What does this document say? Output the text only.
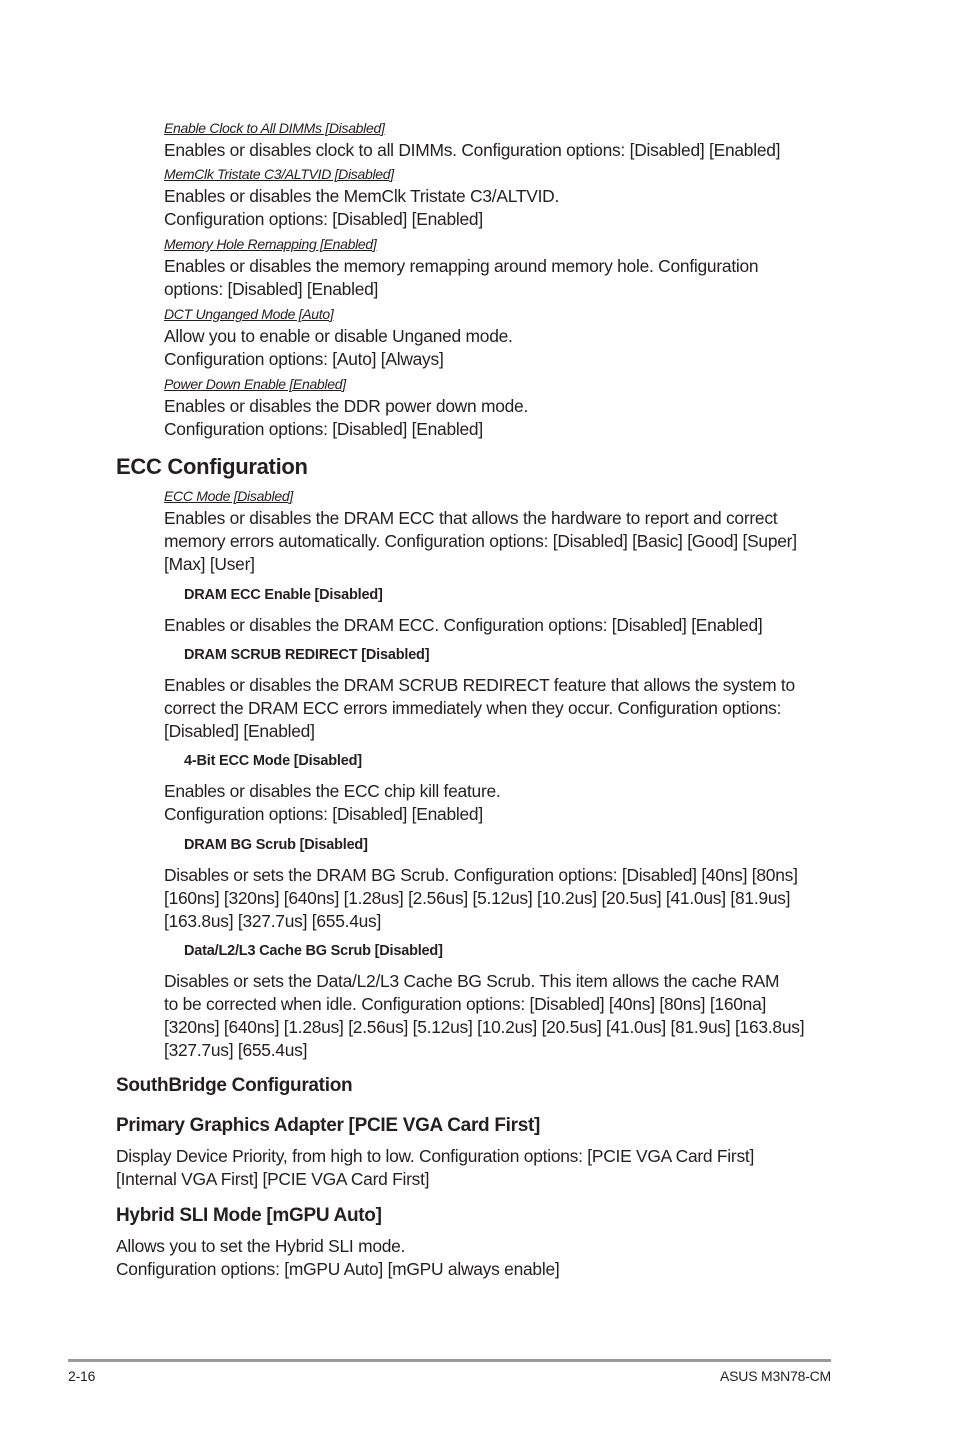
Enable Clock to All DIMMs [Disabled]
Enables or disables clock to all DIMMs. Configuration options: [Disabled] [Enabled]
MemClk Tristate C3/ALTVID [Disabled]
Enables or disables the MemClk Tristate C3/ALTVID.
Configuration options: [Disabled] [Enabled]
Memory Hole Remapping [Enabled]
Enables or disables the memory remapping around memory hole. Configuration
options: [Disabled] [Enabled]
DCT Unganged Mode [Auto]
Allow you to enable or disable Unganed mode.
Configuration options: [Auto] [Always]
Power Down Enable [Enabled]
Enables or disables the DDR power down mode.
Configuration options: [Disabled] [Enabled]
ECC Configuration
ECC Mode [Disabled]
Enables or disables the DRAM ECC that allows the hardware to report and correct
memory errors automatically. Configuration options: [Disabled] [Basic] [Good] [Super]
[Max] [User]
DRAM ECC Enable [Disabled]
Enables or disables the DRAM ECC. Configuration options: [Disabled] [Enabled]
DRAM SCRUB REDIRECT [Disabled]
Enables or disables the DRAM SCRUB REDIRECT feature that allows the system to
correct the DRAM ECC errors immediately when they occur. Configuration options:
[Disabled] [Enabled]
4-Bit ECC Mode [Disabled]
Enables or disables the ECC chip kill feature.
Configuration options: [Disabled] [Enabled]
DRAM BG Scrub [Disabled]
Disables or sets the DRAM BG Scrub. Configuration options: [Disabled] [40ns] [80ns]
[160ns] [320ns] [640ns] [1.28us] [2.56us] [5.12us] [10.2us] [20.5us] [41.0us] [81.9us]
[163.8us] [327.7us] [655.4us]
Data/L2/L3 Cache BG Scrub [Disabled]
Disables or sets the Data/L2/L3 Cache BG Scrub. This item allows the cache RAM
to be corrected when idle. Configuration options: [Disabled] [40ns] [80ns] [160na]
[320ns] [640ns] [1.28us] [2.56us] [5.12us] [10.2us] [20.5us] [41.0us] [81.9us] [163.8us]
[327.7us] [655.4us]
SouthBridge Configuration
Primary Graphics Adapter [PCIE VGA Card First]
Display Device Priority, from high to low. Configuration options: [PCIE VGA Card First]
[Internal VGA First] [PCIE VGA Card First]
Hybrid SLI Mode [mGPU Auto]
Allows you to set the Hybrid SLI mode.
Configuration options: [mGPU Auto] [mGPU always enable]
2-16	ASUS M3N78-CM
